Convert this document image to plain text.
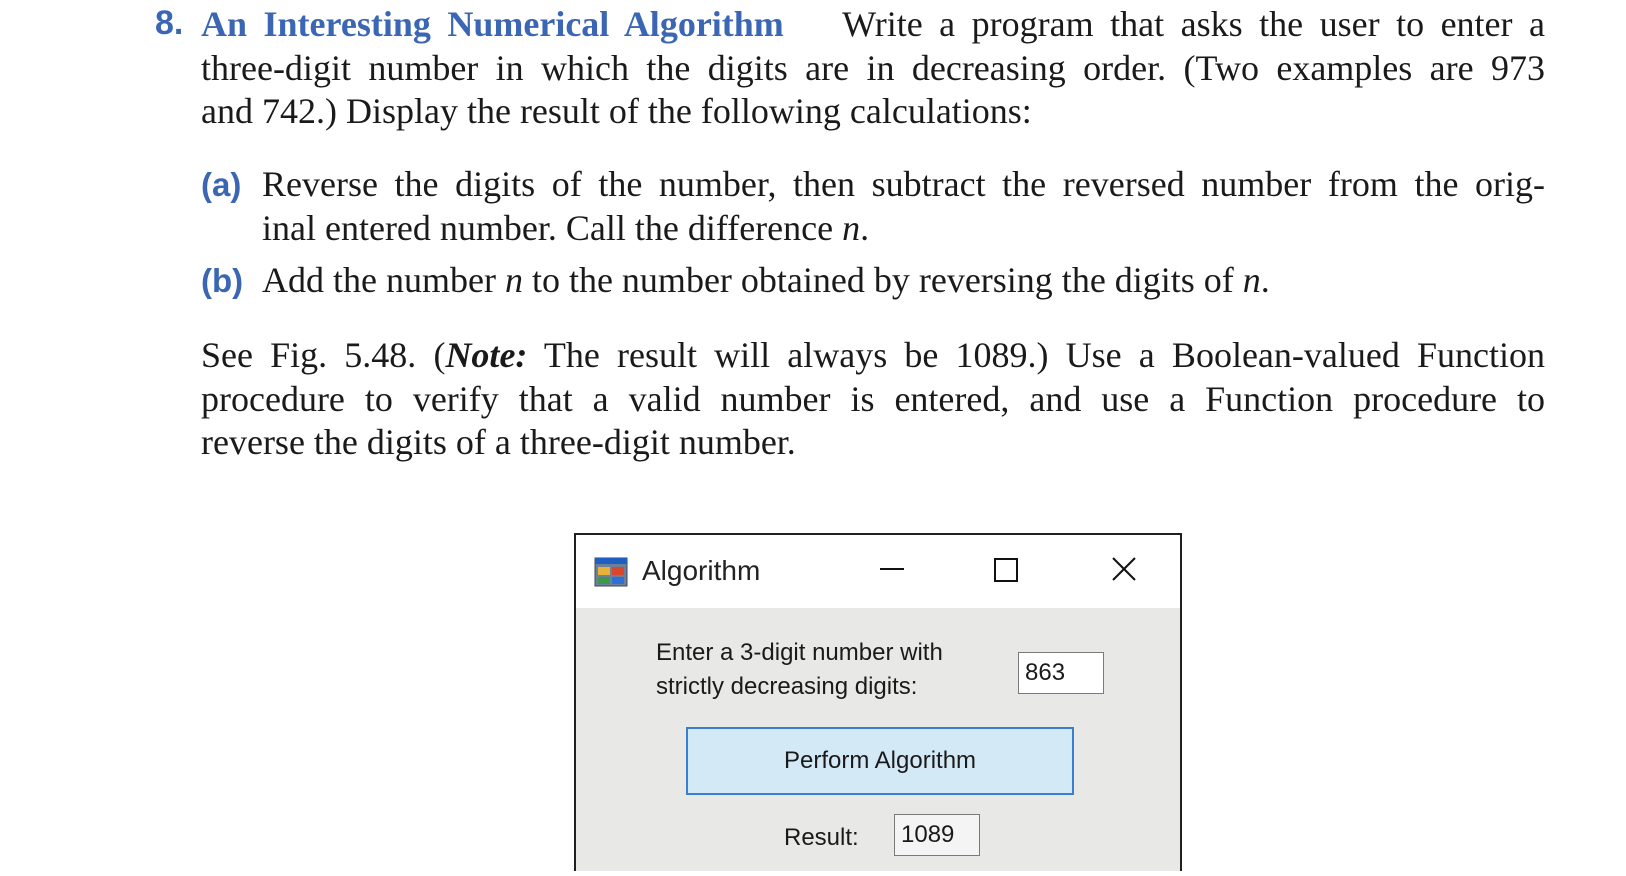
8. An Interesting Numerical Algorithm Write a program that asks the user to enter a
three-digit number in which the digits are in decreasing order. (Two examples are 973
and 742.) Display the result of the following calculations:
(a) Reverse the digits of the number, then subtract the reversed number from the orig-
inal entered number. Call the difference n.
(b) Add the number n to the number obtained by reversing the digits of n.
See Fig. 5.48. (Note: The result will always be 1089.) Use a Boolean-valued Function
procedure to verify that a valid number is entered, and use a Function procedure to
reverse the digits of a three-digit number.
Algorithm
Enter a 3-digit number with
strictly decreasing digits:
863
Perform Algorithm
Result: 1089
